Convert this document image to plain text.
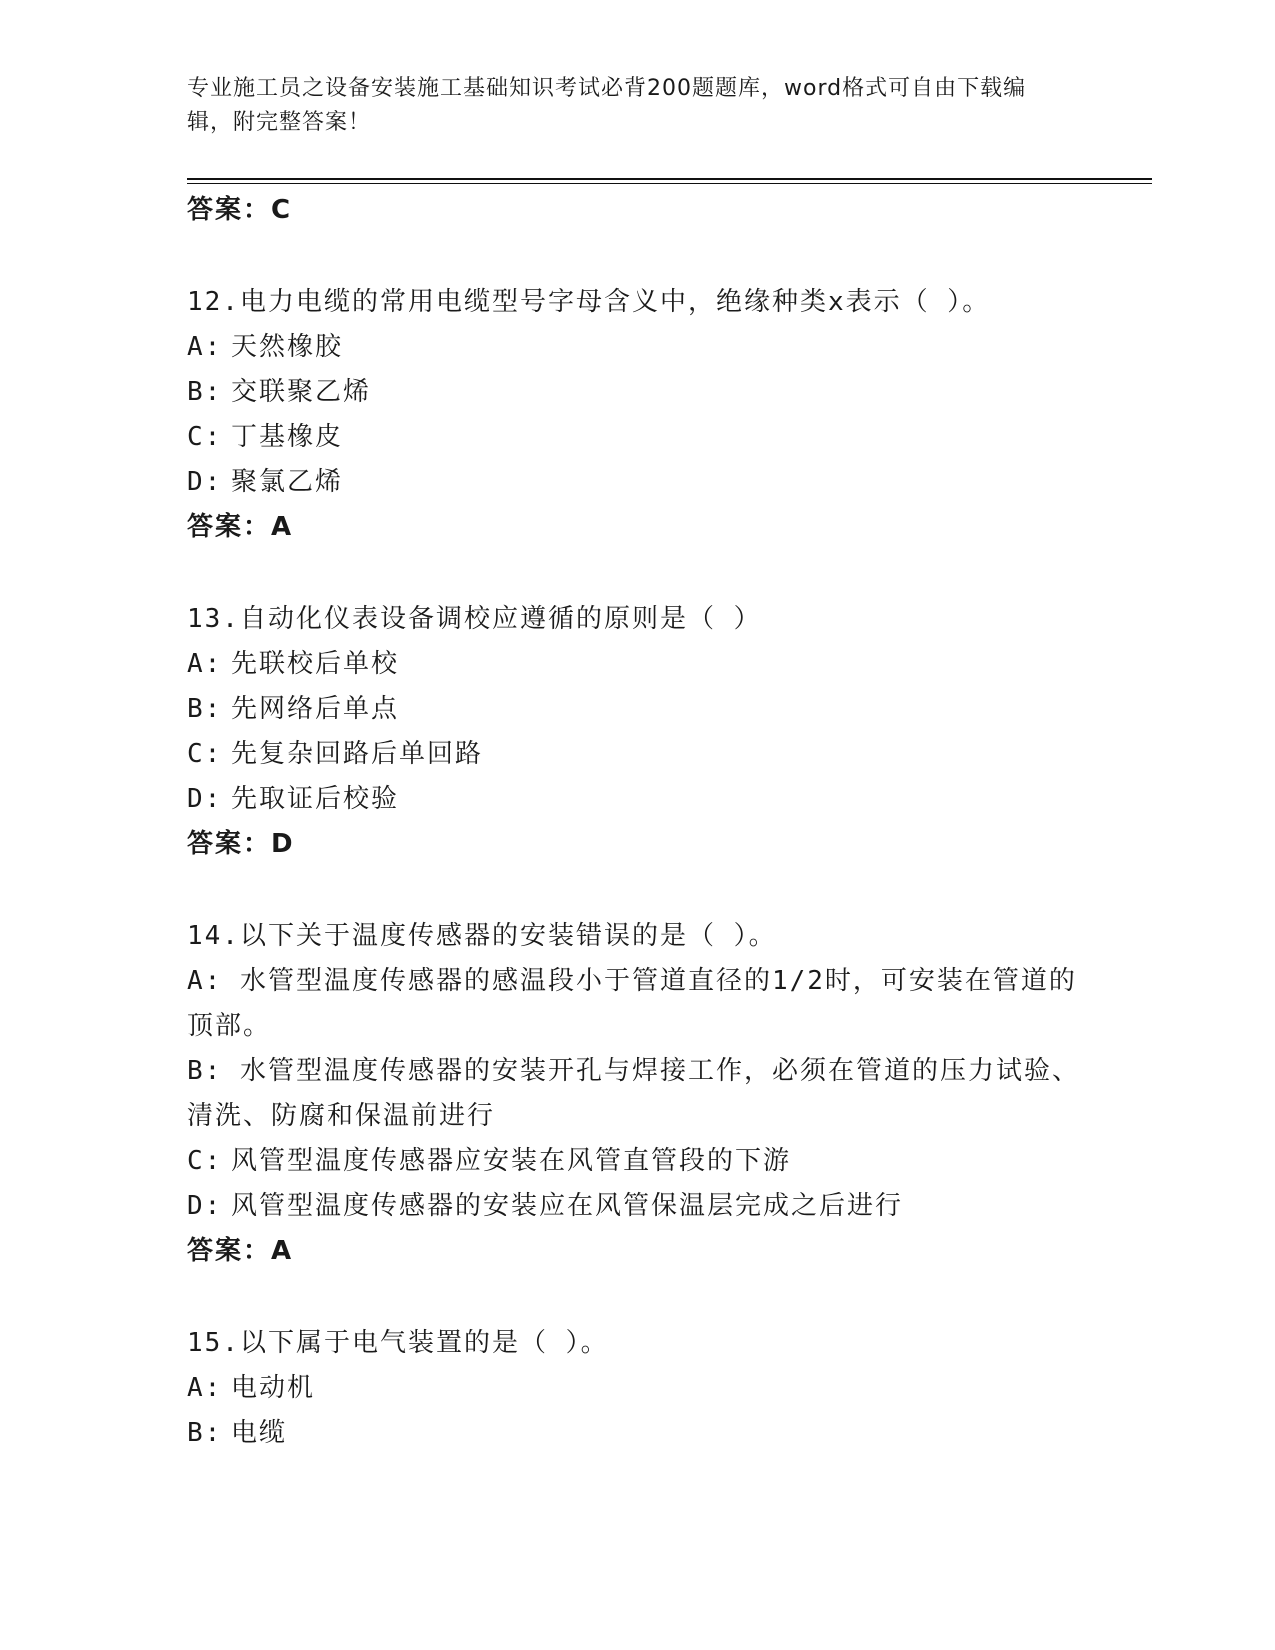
专业施工员之设备安装施工基础知识考试必背200题题库，word格式可自由下载编辑，附完整答案！
答案：C
12.电力电缆的常用电缆型号字母含义中，绝缘种类x表示（ ）。
A: 天然橡胶
B: 交联聚乙烯
C: 丁基橡皮
D: 聚氯乙烯
答案：A
13.自动化仪表设备调校应遵循的原则是（ ）
A: 先联校后单校
B: 先网络后单点
C: 先复杂回路后单回路
D: 先取证后校验
答案：D
14.以下关于温度传感器的安装错误的是（ ）。
A: 水管型温度传感器的感温段小于管道直径的1/2时，可安装在管道的顶部。
B: 水管型温度传感器的安装开孔与焊接工作，必须在管道的压力试验、清洗、防腐和保温前进行
C: 风管型温度传感器应安装在风管直管段的下游
D: 风管型温度传感器的安装应在风管保温层完成之后进行
答案：A
15.以下属于电气装置的是（ ）。
A: 电动机
B: 电缆
